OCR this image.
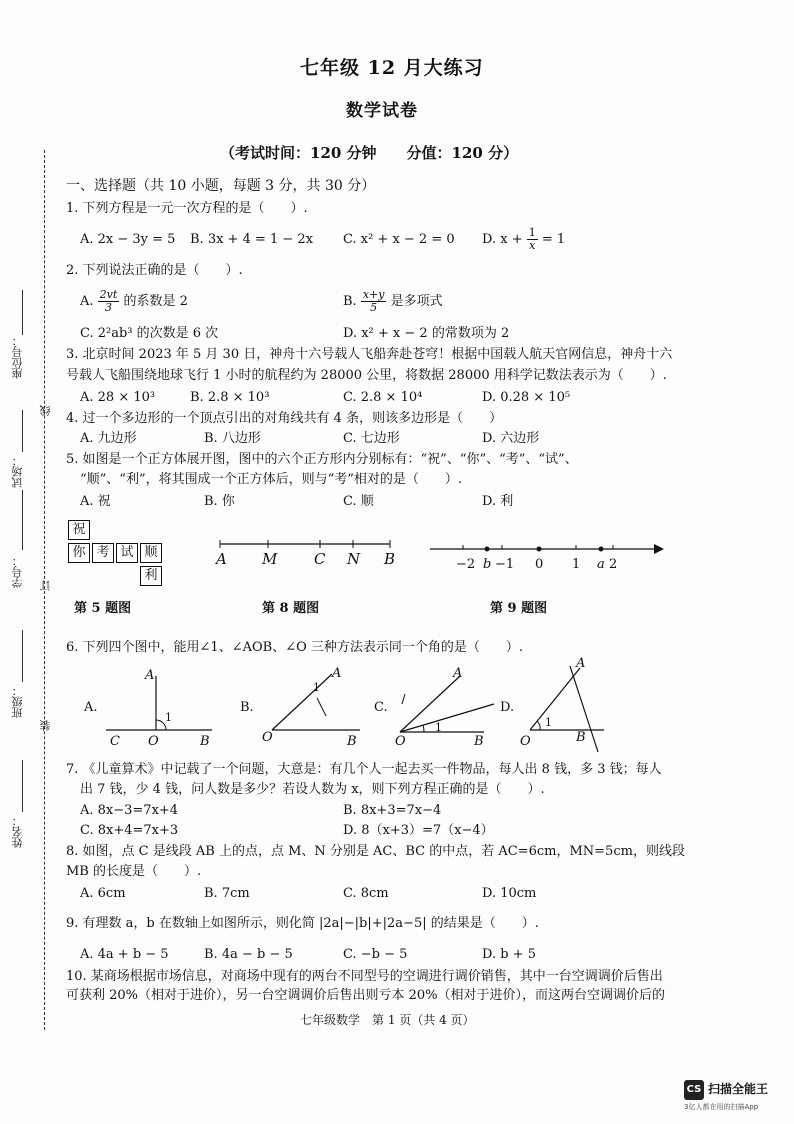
七年级 12 月大练习
数学试卷
（考试时间：120 分钟　　分值：120 分）
座位号：
线
试场：
学号： 订
班级：
装
姓名：
一、选择题（共 10 小题，每题 3 分，共 30 分）
1. 下列方程是一元一次方程的是（　　）.
A. 2x − 3y = 5 B. 3x + 4 = 1 − 2x C. x² + x − 2 = 0 D. $x + \frac{1}{x} = 1$
2. 下列说法正确的是（　　）.
A. $\frac{2vt}{3}$ 的系数是 2	B. $\frac{x+y}{5}$ 是多项式
C. 2²ab³ 的次数是 6 次	D. x² + x − 2 的常数项为 2
3. 北京时间 2023 年 5 月 30 日，神舟十六号载人飞船奔赴苍穹！根据中国载人航天官网信息，神舟十六
号载人飞船围绕地球飞行 1 小时的航程约为 28000 公里，将数据 28000 用科学记数法表示为（　　）.
A. 28 × 10³	B. 2.8 × 10³	C. 2.8 × 10⁴	D. 0.28 × 10⁵
4. 过一个多边形的一个顶点引出的对角线共有 4 条，则该多边形是（　　）
A. 九边形	B. 八边形	C. 七边形	D. 六边形
5. 如图是一个正方体展开图，图中的六个正方形内分别标有：“祝”、“你”、“考”、“试”、
“顺”、“利”，将其围成一个正方体后，则与“考”相对的是（　　）.
A. 祝	B. 你	C. 顺	D. 利
祝
你 考 试 顺
利
A M C N B	−2 b −1 0 1 a 2
第 5 题图	第 8 题图	第 9 题图
6. 下列四个图中，能用∠1、∠AOB、∠O 三种方法表示同一个角的是（　　）.
A.
A
1
C O	B
B.
A
1
O	B
C.
A
1
O	B
D.
A
1
O	B
7. 《儿童算术》中记载了一个问题，大意是：有几个人一起去买一件物品，每人出 8 钱，多 3 钱；每人
出 7 钱，少 4 钱，问人数是多少？若设人数为 x，则下列方程正确的是（　　）.
A. 8x−3=7x+4	B. 8x+3=7x−4
C. 8x+4=7x+3	D. 8（x+3）=7（x−4）
8. 如图，点 C 是线段 AB 上的点，点 M、N 分别是 AC、BC 的中点，若 AC=6cm，MN=5cm，则线段
MB 的长度是（　　）.
A. 6cm	B. 7cm	C. 8cm	D. 10cm
9. 有理数 a，b 在数轴上如图所示，则化简 |2a|−|b|+|2a−5| 的结果是（　　）.
A. 4a + b − 5	B. 4a − b − 5	C. −b − 5	D. b + 5
10. 某商场根据市场信息，对商场中现有的两台不同型号的空调进行调价销售，其中一台空调调价后售出
可获利 20%（相对于进价），另一台空调调价后售出则亏本 20%（相对于进价），而这两台空调调价后的
七年级数学　第 1 页（共 4 页）
CS 扫描全能王
3亿人都在用的扫描App
